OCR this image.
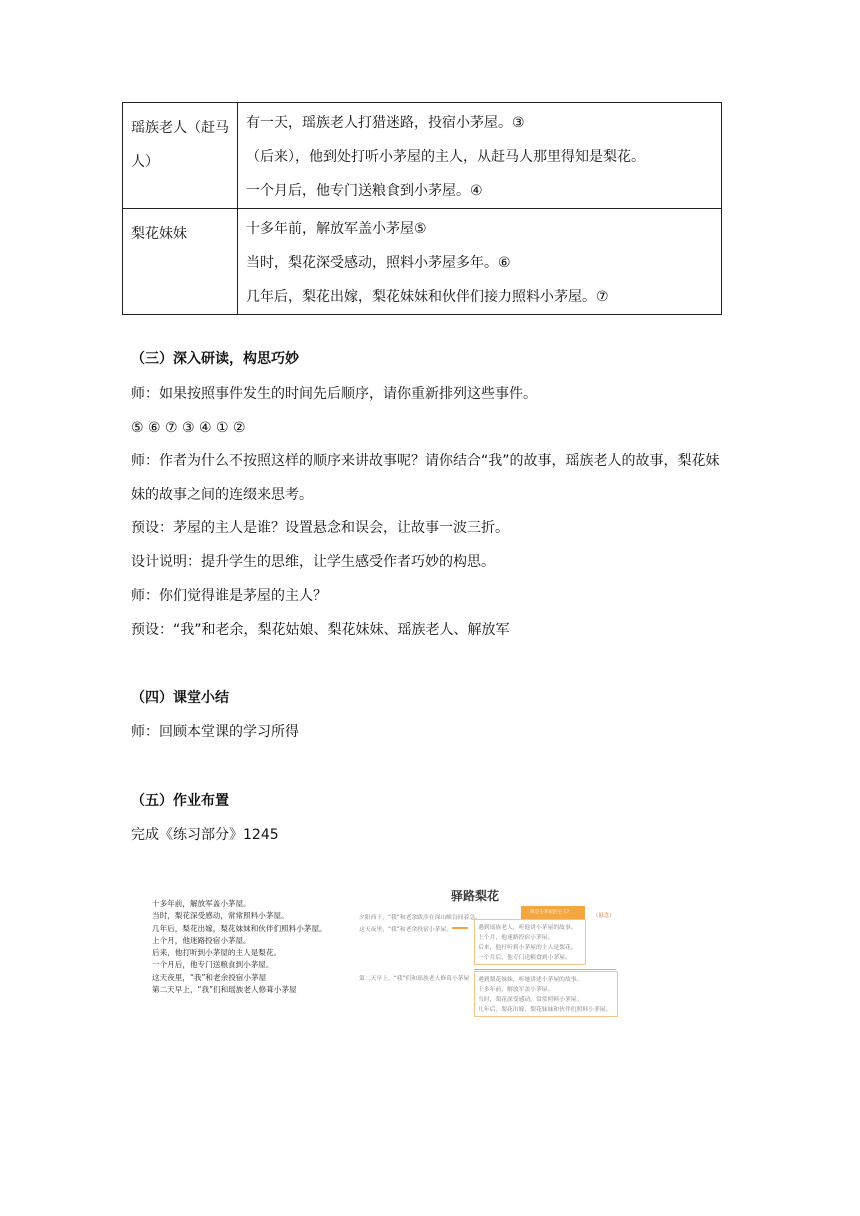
瑶族老人（赶马人）	有一天，瑶族老人打猎迷路，投宿小茅屋。③
（后来），他到处打听小茅屋的主人，从赶马人那里得知是梨花。
一个月后，他专门送粮食到小茅屋。④

梨花妹妹	十多年前，解放军盖小茅屋⑤
当时，梨花深受感动，照料小茅屋多年。⑥
几年后，梨花出嫁，梨花妹妹和伙伴们接力照料小茅屋。⑦
（三）深入研读，构思巧妙
师：如果按照事件发生的时间先后顺序，请你重新排列这些事件。
⑤ ⑥ ⑦ ③ ④ ① ②
师：作者为什么不按照这样的顺序来讲故事呢？请你结合“我”的故事，瑶族老人的故事，梨花妹妹的故事之间的连缀来思考。
预设：茅屋的主人是谁？设置悬念和误会，让故事一波三折。
设计说明：提升学生的思维，让学生感受作者巧妙的构思。
师：你们觉得谁是茅屋的主人？
预设：“我”和老余，梨花姑娘、梨花妹妹、瑶族老人、解放军
（四）课堂小结
师：回顾本堂课的学习所得
（五）作业布置
完成《练习部分》1245
十多年前，解放军盖小茅屋。
当时，梨花深受感动，常常照料小茅屋。
几年后，梨花出嫁，梨花妹妹和伙伴们照料小茅屋。
上个月，他迷路投宿小茅屋。
后来，他打听到小茅屋的主人是梨花。
一个月后，他专门送粮食到小茅屋。
这天夜里，“我”和老余投宿小茅屋
第二天早上，“我”们和瑶族老人修葺小茅屋
驿路梨花
谁是小茅屋的主人?
（悬念）
夕阳西下，“我”和老余跋涉在深山峡谷间着急。
这天夜里，“我”和老余投宿小茅屋。	遇到瑶族老人，听他讲小茅屋的故事。
上个月，他迷路投宿小茅屋。
后来，他打听到小茅屋的主人是梨花。
一个月后，他专门送粮食到小茅屋。
第二天早上，“我”们和瑶族老人修葺小茅屋 遇到梨花妹妹，听她讲述小茅屋的故事。
十多年前，解放军盖小茅屋。
当时，梨花深受感动，常常照料小茅屋。
几年后，梨花出嫁，梨花妹妹和伙伴们照料小茅屋。
